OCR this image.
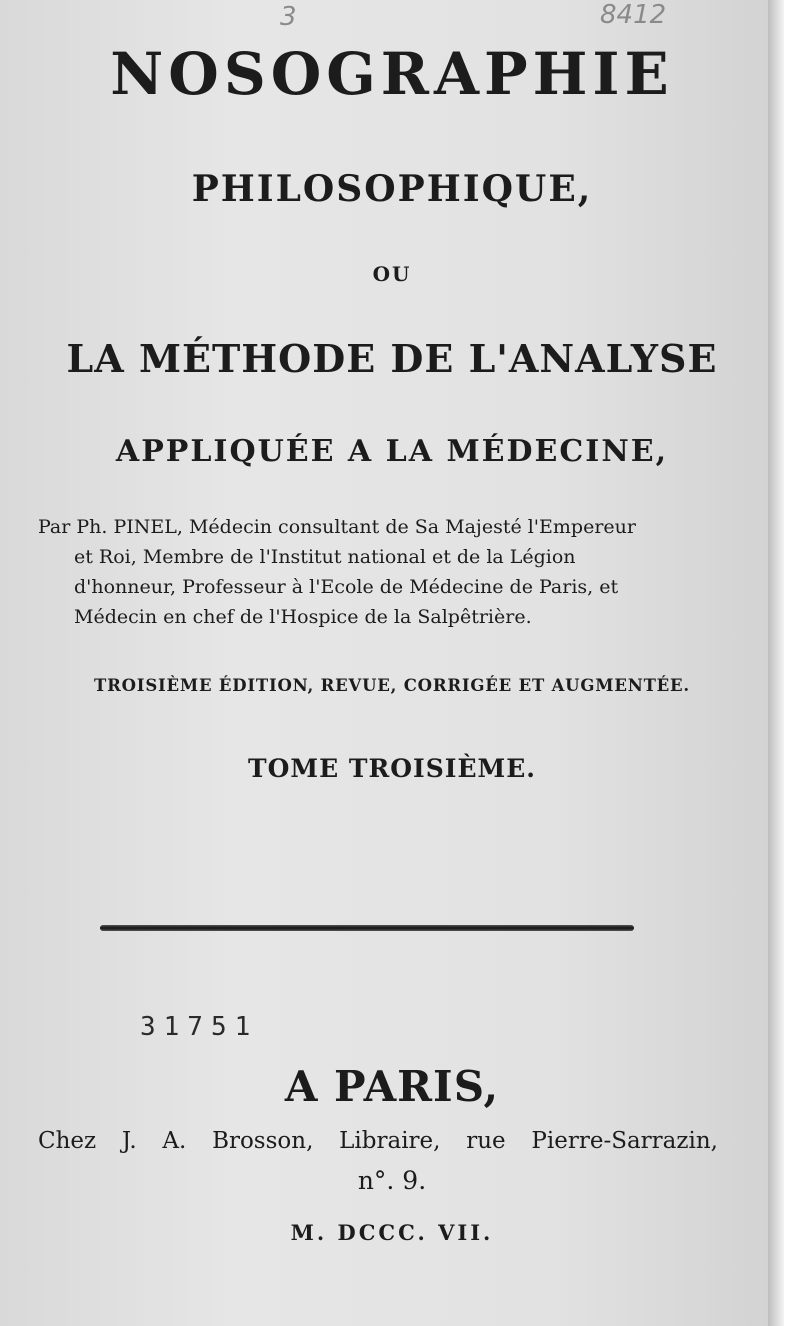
3	8412
NOSOGRAPHIE
PHILOSOPHIQUE,
OU
LA MÉTHODE DE L'ANALYSE
APPLIQUÉE A LA MÉDECINE,
Par Ph. PINEL, Médecin consultant de Sa Majesté l'Empereur
et Roi, Membre de l'Institut national et de la Légion
d'honneur, Professeur à l'Ecole de Médecine de Paris, et
Médecin en chef de l'Hospice de la Salpêtrière.
TROISIÈME ÉDITION, REVUE, CORRIGÉE ET AUGMENTÉE.
TOME TROISIÈME.
31751
A PARIS,
Chez J. A. Brosson, Libraire, rue Pierre-Sarrazin,
n°. 9.
M. DCCC. VII.
